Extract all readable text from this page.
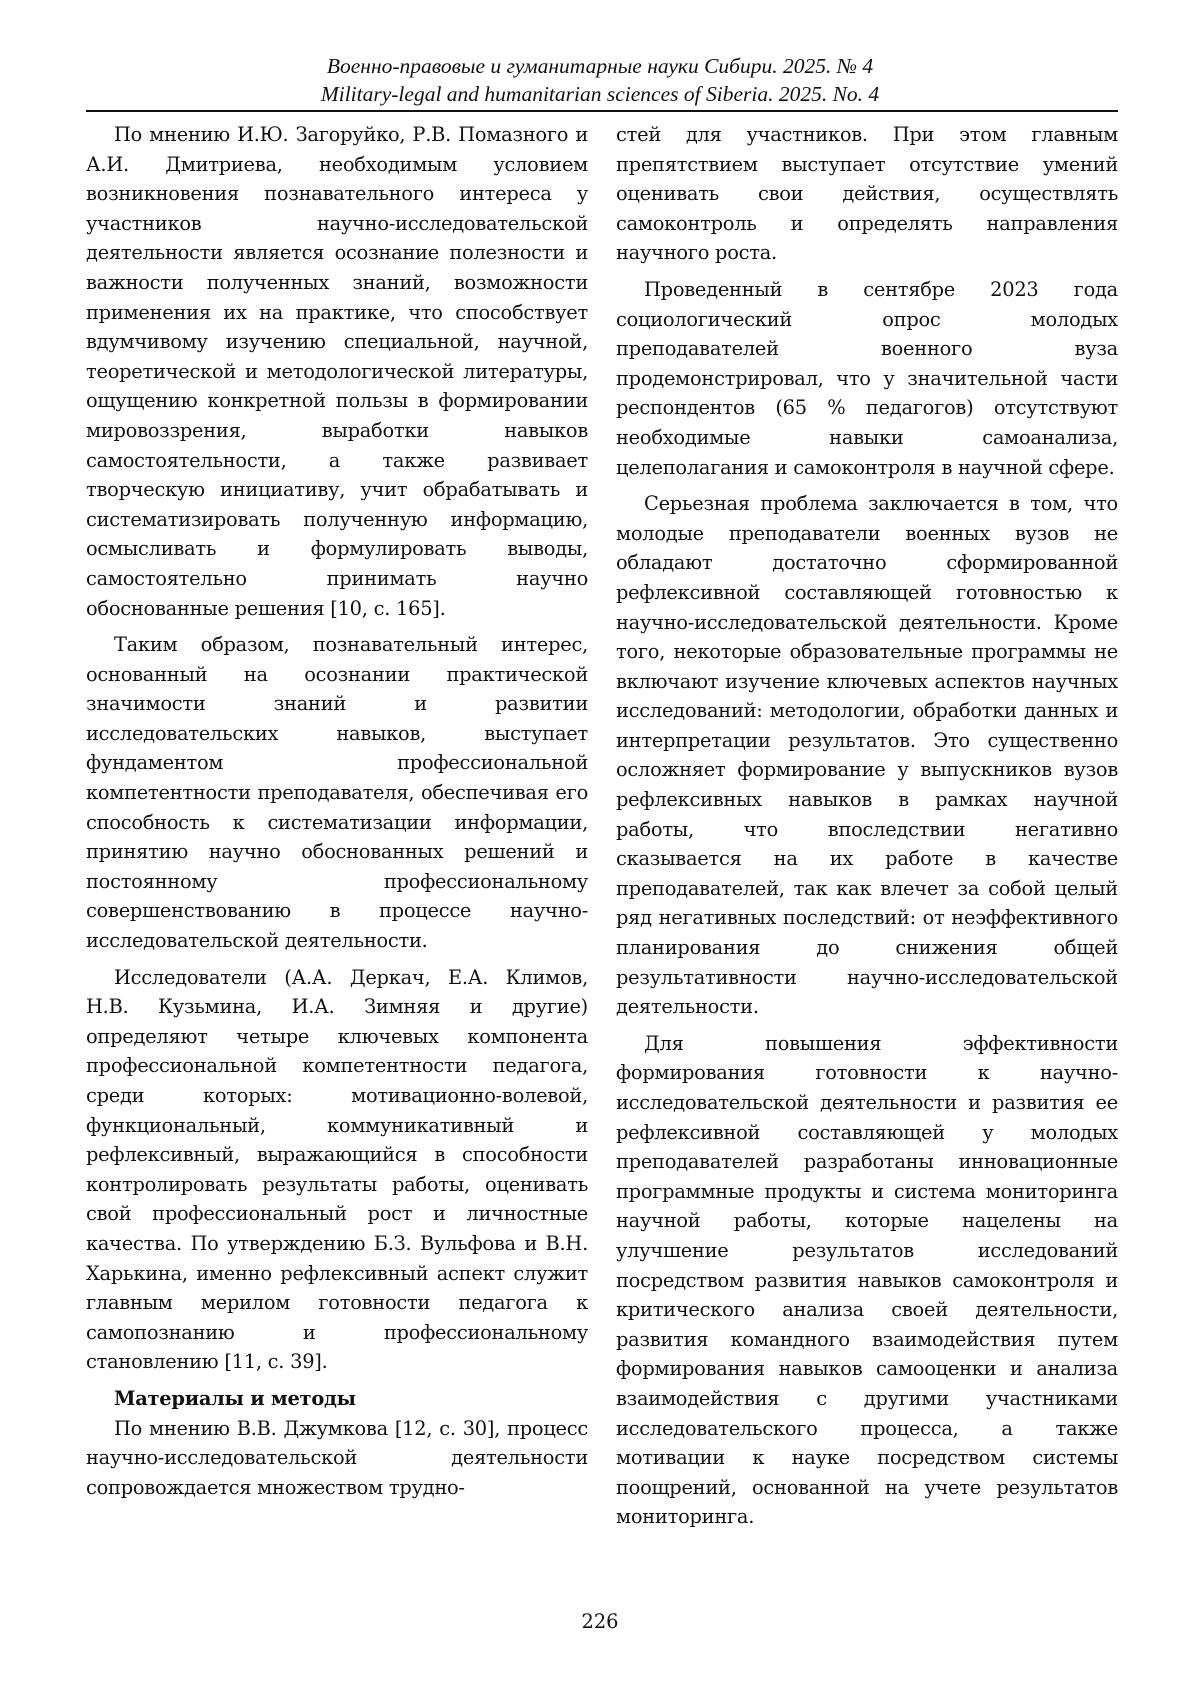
Военно-правовые и гуманитарные науки Сибири. 2025. № 4
Military-legal and humanitarian sciences of Siberia. 2025. No. 4

По мнению И.Ю. Загоруйко, Р.В. Помазного и А.И. Дмитриева, необходимым условием возникновения познавательного интереса у участников научно-исследовательской деятельности является осознание полезности и важности полученных знаний, возможности применения их на практике, что способствует вдумчивому изучению специальной, научной, теоретической и методологической литературы, ощущению конкретной пользы в формировании мировоззрения, выработки навыков самостоятельности, а также развивает творческую инициативу, учит обрабатывать и систематизировать полученную информацию, осмысливать и формулировать выводы, самостоятельно принимать научно обоснованные решения [10, с. 165].

Таким образом, познавательный интерес, основанный на осознании практической значимости знаний и развитии исследовательских навыков, выступает фундаментом профессиональной компетентности преподавателя, обеспечивая его способность к систематизации информации, принятию научно обоснованных решений и постоянному профессиональному совершенствованию в процессе научно-исследовательской деятельности.

Исследователи (А.А. Деркач, Е.А. Климов, Н.В. Кузьмина, И.А. Зимняя и другие) определяют четыре ключевых компонента профессиональной компетентности педагога, среди которых: мотивационно-волевой, функциональный, коммуникативный и рефлексивный, выражающийся в способности контролировать результаты работы, оценивать свой профессиональный рост и личностные качества. По утверждению Б.З. Вульфова и В.Н. Харькина, именно рефлексивный аспект служит главным мерилом готовности педагога к самопознанию и профессиональному становлению [11, с. 39].

Материалы и методы

По мнению В.В. Джумкова [12, с. 30], процесс научно-исследовательской деятельности сопровождается множеством трудно-

стей для участников. При этом главным препятствием выступает отсутствие умений оценивать свои действия, осуществлять самоконтроль и определять направления научного роста.

Проведенный в сентябре 2023 года социологический опрос молодых преподавателей военного вуза продемонстрировал, что у значительной части респондентов (65 % педагогов) отсутствуют необходимые навыки самоанализа, целеполагания и самоконтроля в научной сфере.

Серьезная проблема заключается в том, что молодые преподаватели военных вузов не обладают достаточно сформированной рефлексивной составляющей готовностью к научно-исследовательской деятельности. Кроме того, некоторые образовательные программы не включают изучение ключевых аспектов научных исследований: методологии, обработки данных и интерпретации результатов. Это существенно осложняет формирование у выпускников вузов рефлексивных навыков в рамках научной работы, что впоследствии негативно сказывается на их работе в качестве преподавателей, так как влечет за собой целый ряд негативных последствий: от неэффективного планирования до снижения общей результативности научно-исследовательской деятельности.

Для повышения эффективности формирования готовности к научно-исследовательской деятельности и развития ее рефлексивной составляющей у молодых преподавателей разработаны инновационные программные продукты и система мониторинга научной работы, которые нацелены на улучшение результатов исследований посредством развития навыков самоконтроля и критического анализа своей деятельности, развития командного взаимодействия путем формирования навыков самооценки и анализа взаимодействия с другими участниками исследовательского процесса, а также мотивации к науке посредством системы поощрений, основанной на учете результатов мониторинга.

226
